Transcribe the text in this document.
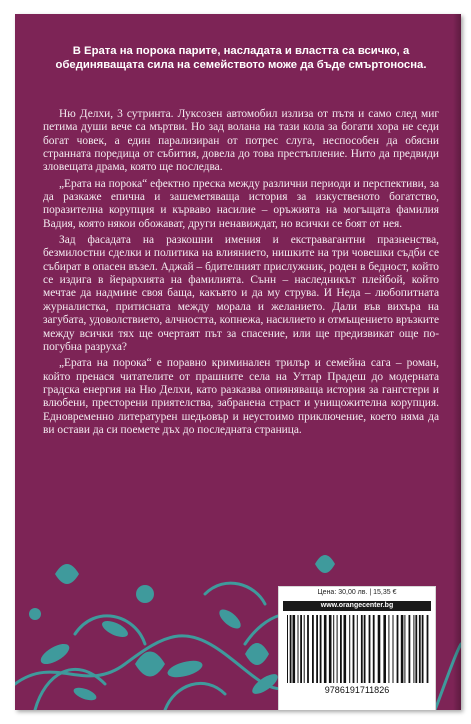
В Ерата на порока парите, насладата и властта са всичко, а обединяващата сила на семейството може да бъде смъртоносна.

Ню Делхи, 3 сутринта. Луксозен автомобил излиза от пътя и само след миг петима души вече са мъртви. Но зад волана на тази кола за богати хора не седи богат човек, а един парализиран от потрес слуга, неспособен да обясни странната поредица от събития, довела до това престъпление. Нито да предвиди зловещата драма, която ще последва.

„Ерата на порока“ ефектно преска между различни периоди и перспективи, за да разкаже епична и зашеметяваща история за изкуственото богатство, поразителна корупция и кърваво насилие – оръжията на могъщата фамилия Вадия, която някои обожават, други ненавиждат, но всички се боят от нея.

Зад фасадата на разкошни имения и екстравагантни празненства, безмилостни сделки и политика на влиянието, нишките на три човешки съдби се събират в опасен възел. Аджай – бдителният прислужник, роден в бедност, който се издига в йерархията на фамилията. Сънн – наследникът плейбой, който мечтае да надмине своя баща, какъвто и да му струва. И Неда – любопитната журналистка, притисната между морала и желанието. Дали във вихъра на загубата, удоволствието, алчността, копнежа, насилието и отмъщението връзките между всички тях ще очертаят път за спасение, или ще предизвикат още по-погубна разруха?

„Ерата на порока“ е поравно криминален трилър и семейна сага – роман, който пренася читателите от прашните села на Уттар Прадеш до модерната градска енергия на Ню Делхи, като разказва опияняваща история за гангстери и влюбени, престорени приятелства, забранена страст и унищожителна корупция. Едновременно литературен шедьовър и неустоимо приключение, което няма да ви остави да си поемете дъх до последната страница.

Цена: 30,00 лв. | 15,35 €

www.orangecenter.bg

9786191711826
